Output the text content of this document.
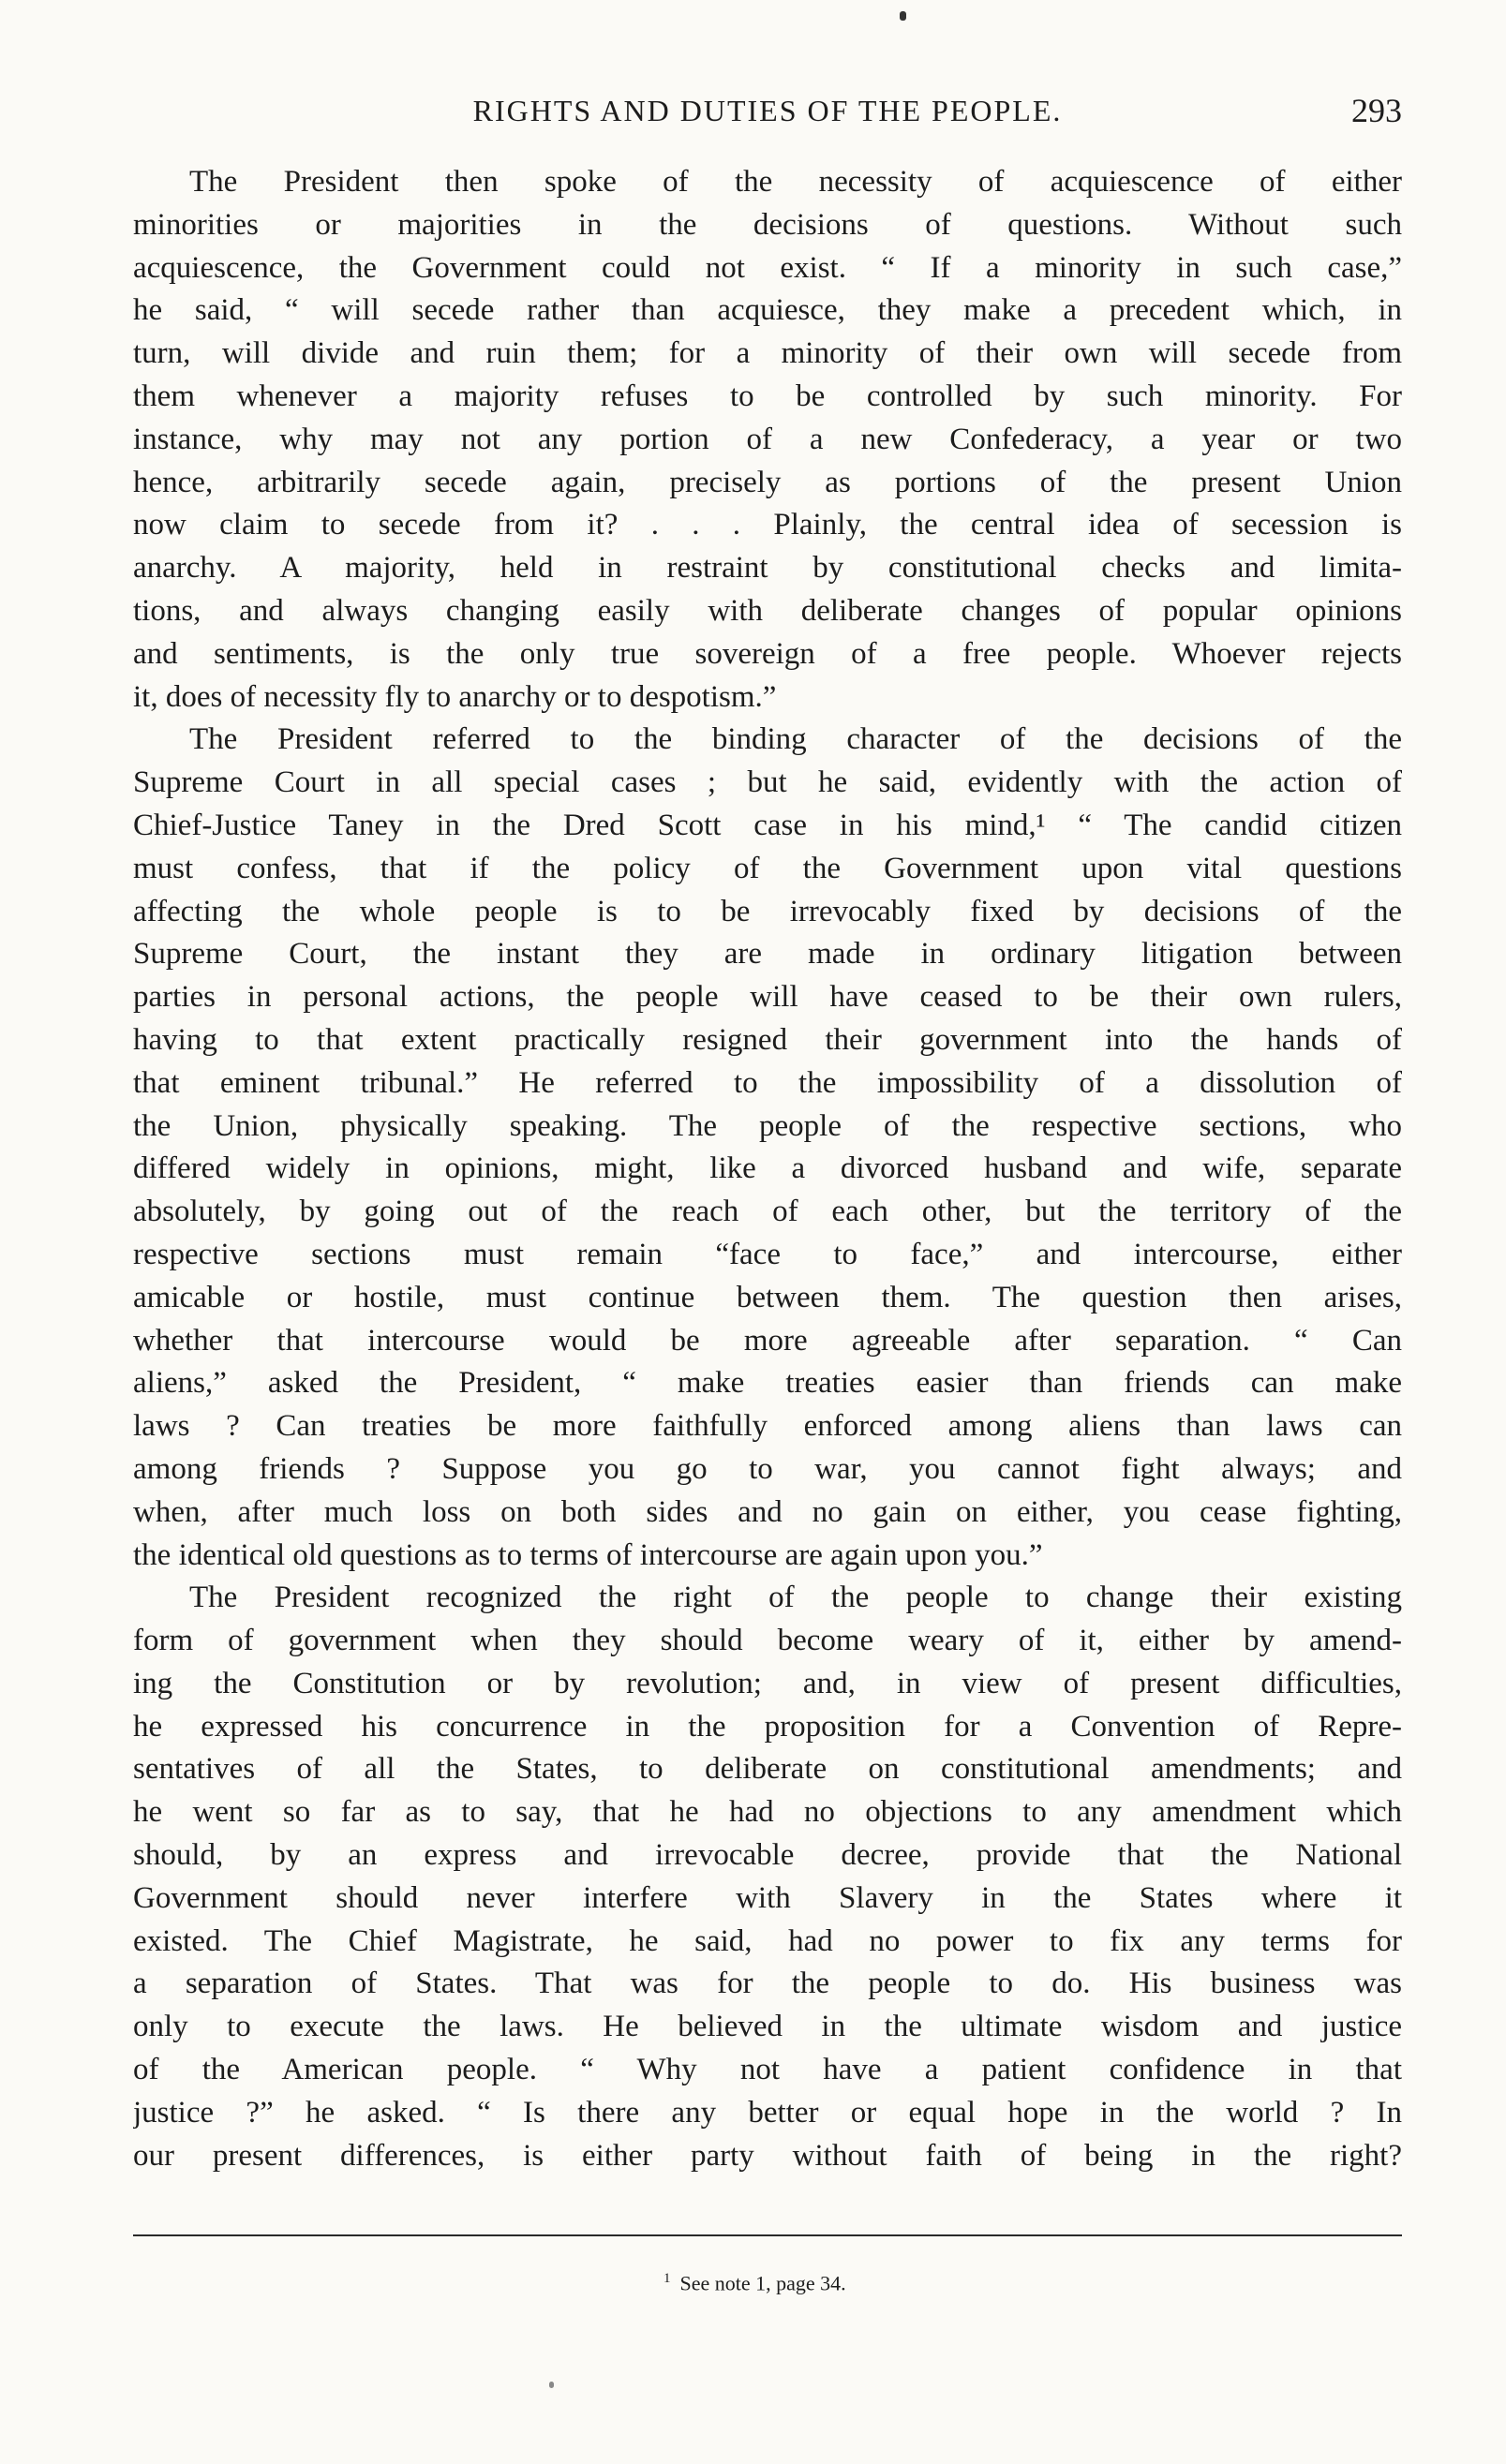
RIGHTS AND DUTIES OF THE PEOPLE.	293
The President then spoke of the necessity of acquiescence of either
minorities or majorities in the decisions of questions. Without such
acquiescence, the Government could not exist. “ If a minority in such case,”
he said, “ will secede rather than acquiesce, they make a precedent which, in
turn, will divide and ruin them; for a minority of their own will secede from
them whenever a majority refuses to be controlled by such minority. For
instance, why may not any portion of a new Confederacy, a year or two
hence, arbitrarily secede again, precisely as portions of the present Union
now claim to secede from it? . . . Plainly, the central idea of secession is
anarchy. A majority, held in restraint by constitutional checks and limita-
tions, and always changing easily with deliberate changes of popular opinions
and sentiments, is the only true sovereign of a free people. Whoever rejects
it, does of necessity fly to anarchy or to despotism.”
The President referred to the binding character of the decisions of the
Supreme Court in all special cases ; but he said, evidently with the action of
Chief-Justice Taney in the Dred Scott case in his mind,¹ “ The candid citizen
must confess, that if the policy of the Government upon vital questions
affecting the whole people is to be irrevocably fixed by decisions of the
Supreme Court, the instant they are made in ordinary litigation between
parties in personal actions, the people will have ceased to be their own rulers,
having to that extent practically resigned their government into the hands of
that eminent tribunal.” He referred to the impossibility of a dissolution of
the Union, physically speaking. The people of the respective sections, who
differed widely in opinions, might, like a divorced husband and wife, separate
absolutely, by going out of the reach of each other, but the territory of the
respective sections must remain “face to face,” and intercourse, either
amicable or hostile, must continue between them. The question then arises,
whether that intercourse would be more agreeable after separation. “ Can
aliens,” asked the President, “ make treaties easier than friends can make
laws ? Can treaties be more faithfully enforced among aliens than laws can
among friends ? Suppose you go to war, you cannot fight always; and
when, after much loss on both sides and no gain on either, you cease fighting,
the identical old questions as to terms of intercourse are again upon you.”
The President recognized the right of the people to change their existing
form of government when they should become weary of it, either by amend-
ing the Constitution or by revolution; and, in view of present difficulties,
he expressed his concurrence in the proposition for a Convention of Repre-
sentatives of all the States, to deliberate on constitutional amendments; and
he went so far as to say, that he had no objections to any amendment which
should, by an express and irrevocable decree, provide that the National
Government should never interfere with Slavery in the States where it
existed. The Chief Magistrate, he said, had no power to fix any terms for
a separation of States. That was for the people to do. His business was
only to execute the laws. He believed in the ultimate wisdom and justice
of the American people. “ Why not have a patient confidence in that
justice ?” he asked. “ Is there any better or equal hope in the world ? In
our present differences, is either party without faith of being in the right?
$^1$ See note 1, page 34.
